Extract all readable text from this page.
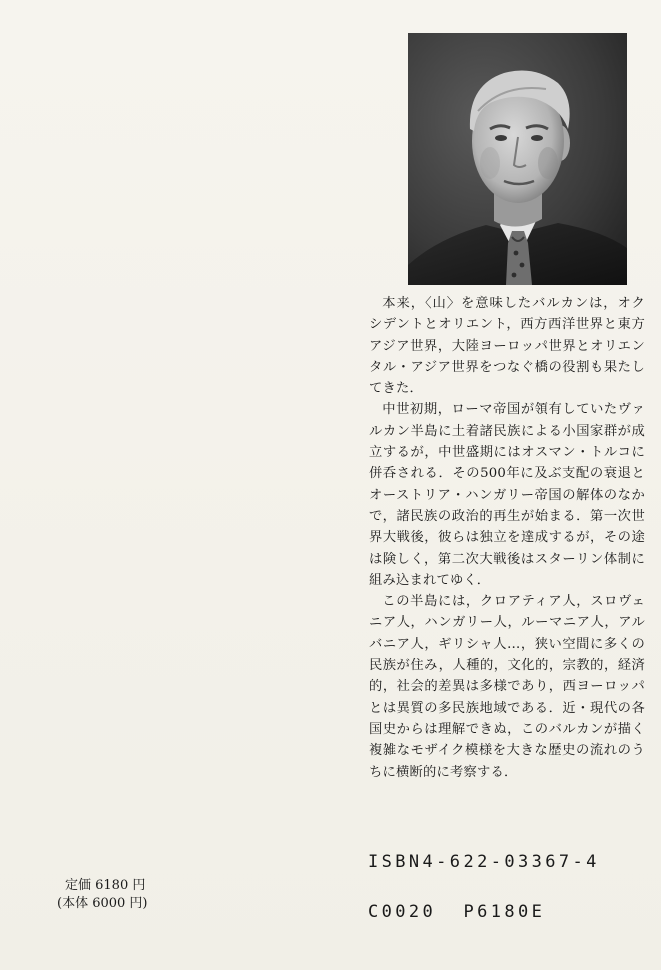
本来，〈山〉を意味したバルカンは，オクシデントとオリエント，西方西洋世界と東方アジア世界，大陸ヨーロッパ世界とオリエンタル・アジア世界をつなぐ橋の役割も果たしてきた．

中世初期，ローマ帝国が領有していたヴァルカン半島に土着諸民族による小国家群が成立するが，中世盛期にはオスマン・トルコに併呑される．その500年に及ぶ支配の衰退とオーストリア・ハンガリー帝国の解体のなかで，諸民族の政治的再生が始まる．第一次世界大戦後，彼らは独立を達成するが，その途は険しく，第二次大戦後はスターリン体制に組み込まれてゆく．

この半島には，クロアティア人，スロヴェニア人，ハンガリー人，ルーマニア人，アルバニア人，ギリシャ人…，狭い空間に多くの民族が住み，人種的，文化的，宗教的，経済的，社会的差異は多様であり，西ヨーロッパとは異質の多民族地域である．近・現代の各国史からは理解できぬ，このバルカンが描く複雑なモザイク模様を大きな歴史の流れのうちに横断的に考察する．

定価 6180 円
(本体 6000 円)
ISBN4-622-03367-4
C0020  P6180E
